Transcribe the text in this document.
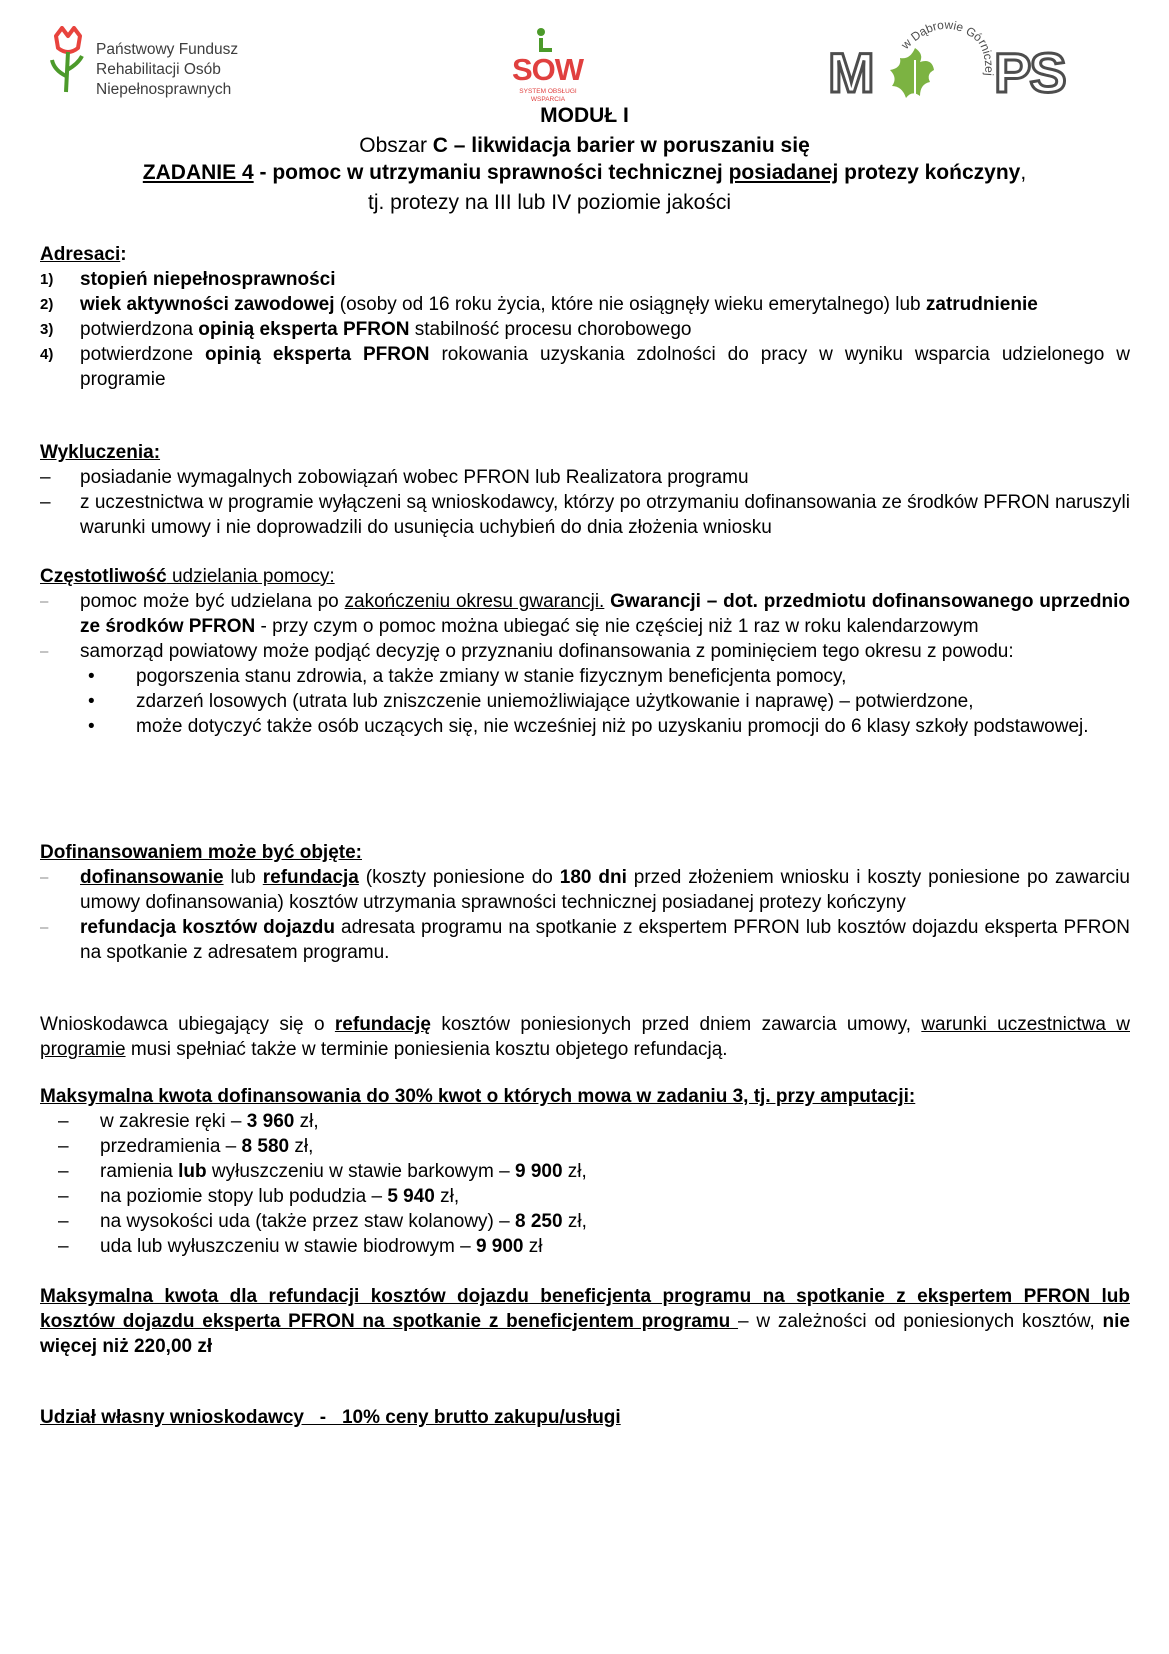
Państwowy Fundusz
Rehabilitacji Osób
Niepełnosprawnych
SOW
SYSTEM OBSŁUGI WSPARCIA	M PS
w Dąbrowie Górniczej
MODUŁ I
Obszar C – likwidacja barier w poruszaniu się
ZADANIE 4 - pomoc w utrzymaniu sprawności technicznej posiadanej protezy kończyny,
tj. protezy na III lub IV poziomie jakości
Adresaci:
1) stopień niepełnosprawności
2) wiek aktywności zawodowej (osoby od 16 roku życia, które nie osiągnęły wieku emerytalnego) lub zatrudnienie
3) potwierdzona opinią eksperta PFRON stabilność procesu chorobowego
4) potwierdzone opinią eksperta PFRON rokowania uzyskania zdolności do pracy w wyniku wsparcia udzielonego w programie
Wykluczenia:
– posiadanie wymagalnych zobowiązań wobec PFRON lub Realizatora programu
– z uczestnictwa w programie wyłączeni są wnioskodawcy, którzy po otrzymaniu dofinansowania ze środków PFRON naruszyli warunki umowy i nie doprowadzili do usunięcia uchybień do dnia złożenia wniosku
Częstotliwość udzielania pomocy:
– pomoc może być udzielana po zakończeniu okresu gwarancji. Gwarancji – dot. przedmiotu dofinansowanego uprzednio ze środków PFRON - przy czym o pomoc można ubiegać się nie częściej niż 1 raz w roku kalendarzowym
– samorząd powiatowy może podjąć decyzję o przyznaniu dofinansowania z pominięciem tego okresu z powodu:
• pogorszenia stanu zdrowia, a także zmiany w stanie fizycznym beneficjenta pomocy,
• zdarzeń losowych (utrata lub zniszczenie uniemożliwiające użytkowanie i naprawę) – potwierdzone,
• może dotyczyć także osób uczących się, nie wcześniej niż po uzyskaniu promocji do 6 klasy szkoły podstawowej.
Dofinansowaniem może być objęte:
– dofinansowanie lub refundacja (koszty poniesione do 180 dni przed złożeniem wniosku i koszty poniesione po zawarciu umowy dofinansowania) kosztów utrzymania sprawności technicznej posiadanej protezy kończyny
– refundacja kosztów dojazdu adresata programu na spotkanie z ekspertem PFRON lub kosztów dojazdu eksperta PFRON na spotkanie z adresatem programu.
Wnioskodawca ubiegający się o refundację kosztów poniesionych przed dniem zawarcia umowy, warunki uczestnictwa w programie musi spełniać także w terminie poniesienia kosztu objetego refundacją.
Maksymalna kwota dofinansowania do 30% kwot o których mowa w zadaniu 3, tj. przy amputacji:
– w zakresie ręki – 3 960 zł,
– przedramienia – 8 580 zł,
– ramienia lub wyłuszczeniu w stawie barkowym – 9 900 zł,
– na poziomie stopy lub podudzia – 5 940 zł,
– na wysokości uda (także przez staw kolanowy) – 8 250 zł,
– uda lub wyłuszczeniu w stawie biodrowym – 9 900 zł
Maksymalna kwota dla refundacji kosztów dojazdu beneficjenta programu na spotkanie z ekspertem PFRON lub kosztów dojazdu eksperta PFRON na spotkanie z beneficjentem programu – w zależności od poniesionych kosztów, nie więcej niż 220,00 zł
Udział własny wnioskodawcy   -   10% ceny brutto zakupu/usługi
